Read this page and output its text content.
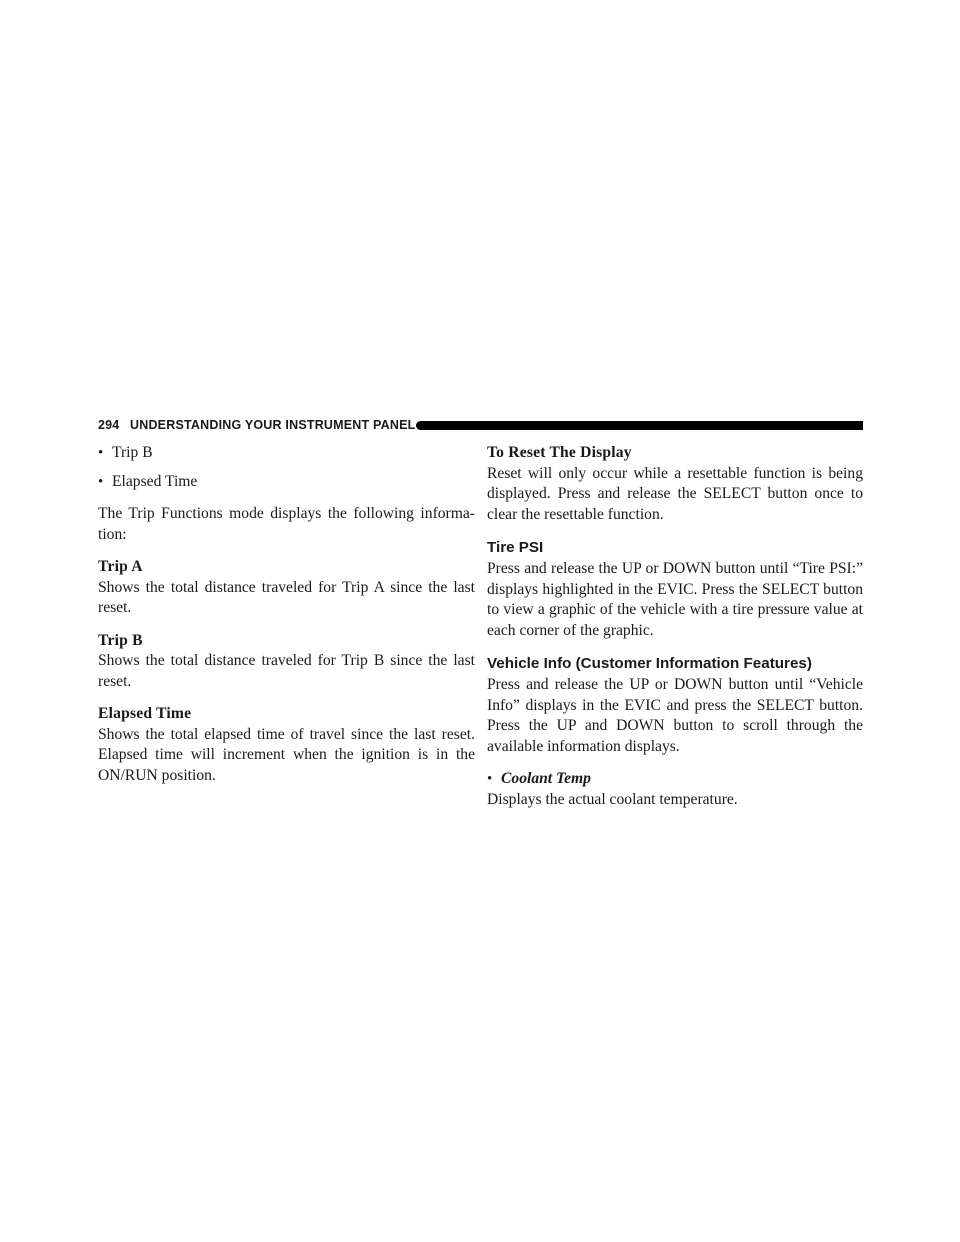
294 UNDERSTANDING YOUR INSTRUMENT PANEL
• Trip B
• Elapsed Time

The Trip Functions mode displays the following informa-tion:

Trip A

Shows the total distance traveled for Trip A since the last reset.

Trip B

Shows the total distance traveled for Trip B since the last reset.

Elapsed Time

Shows the total elapsed time of travel since the last reset. Elapsed time will increment when the ignition is in the ON/RUN position.

To Reset The Display

Reset will only occur while a resettable function is being displayed. Press and release the SELECT button once to clear the resettable function.

Tire PSI

Press and release the UP or DOWN button until “Tire PSI:” displays highlighted in the EVIC. Press the SELECT button to view a graphic of the vehicle with a tire pressure value at each corner of the graphic.

Vehicle Info (Customer Information Features)

Press and release the UP or DOWN button until “Vehicle Info” displays in the EVIC and press the SELECT button. Press the UP and DOWN button to scroll through the available information displays.

• Coolant Temp

Displays the actual coolant temperature.
